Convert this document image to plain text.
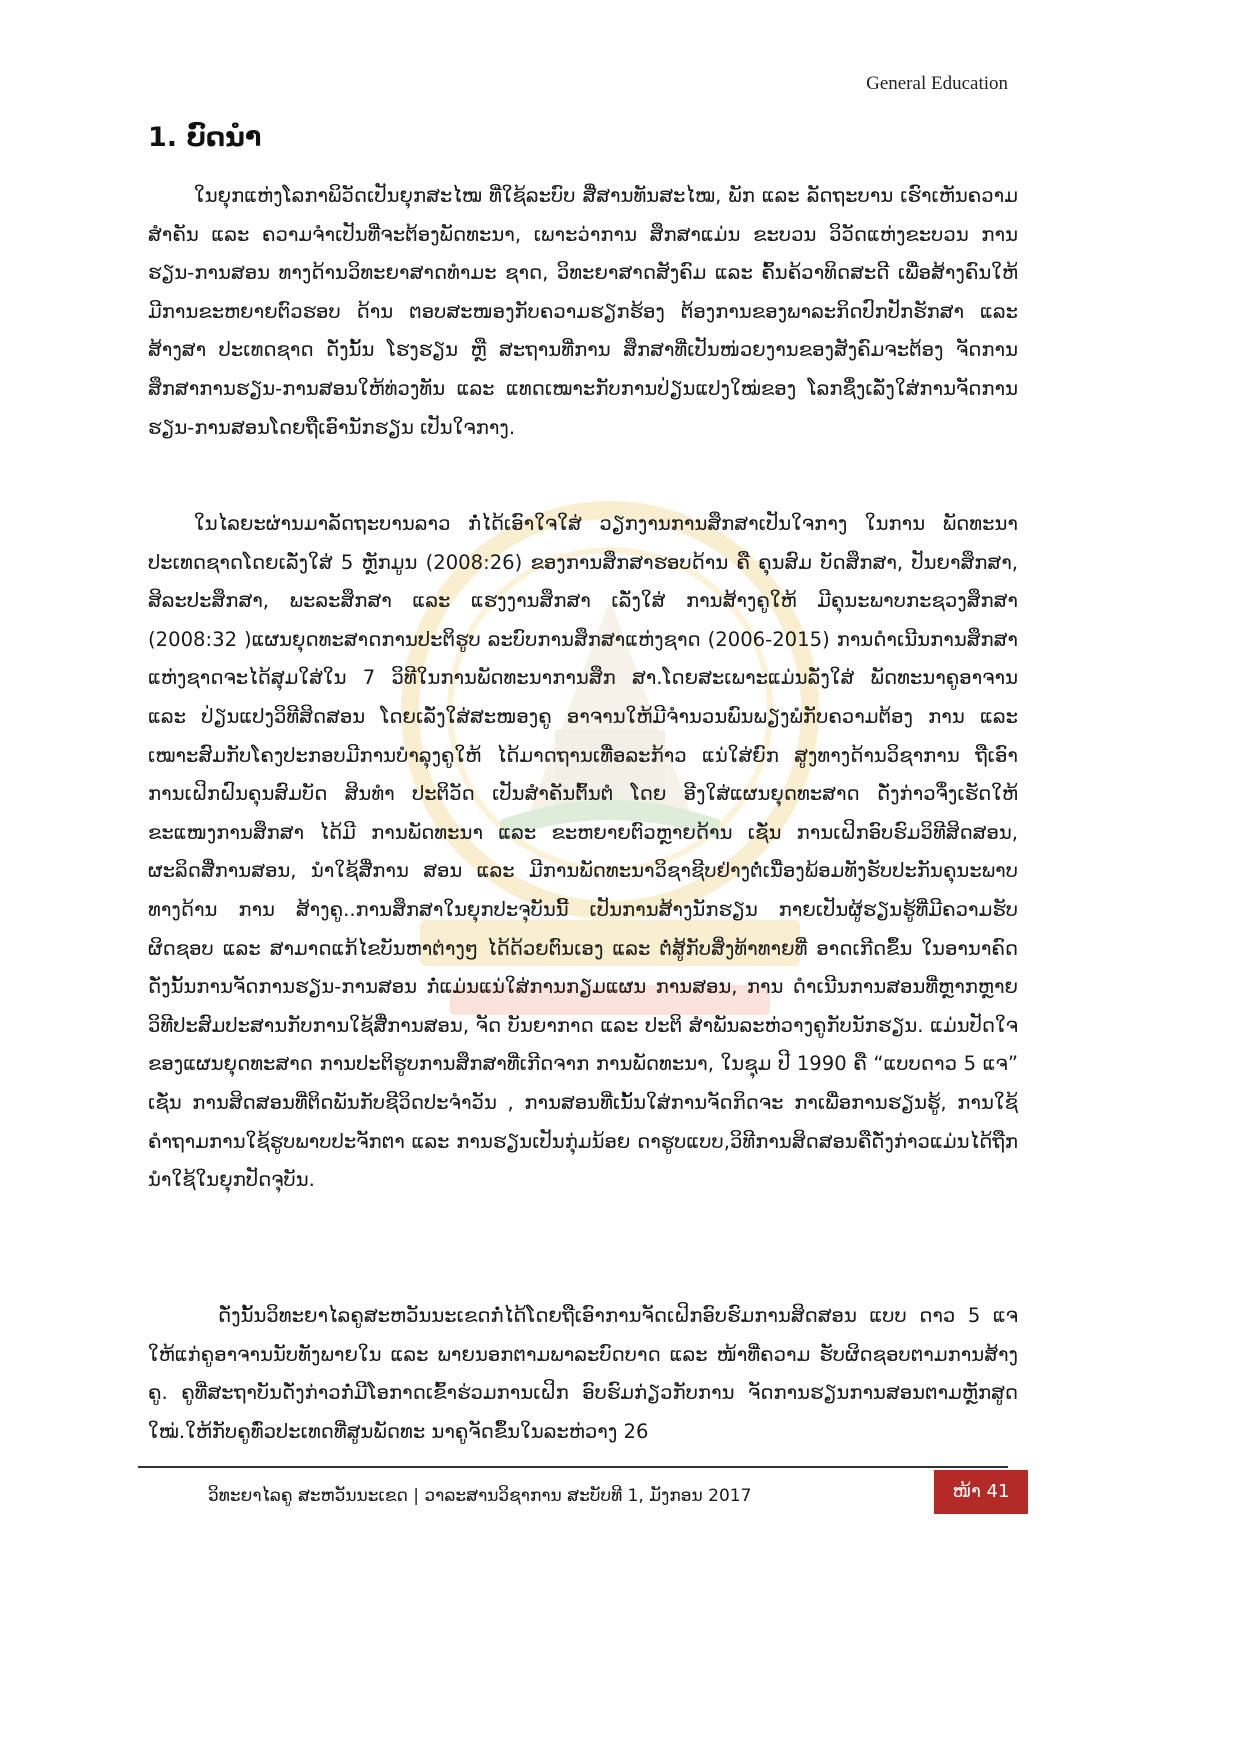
General Education
1. ບົດນຳ

ໃນຍຸກແຫ່ງໂລກາພິວັດເປັນຍຸກສະໄໝ ທີ່ໃຊ້ລະບົບ ສື່ສານທັນສະໄໝ, ພັກ ແລະ ລັດຖະບານ ເຮົາເຫັນຄວາມສຳຄັນ ແລະ ຄວາມຈຳເປັນທີ່ຈະຕ້ອງພັດທະນາ, ເພາະວ່າການ ສຶກສາແມ່ນ ຂະບວນ ວິວັດແຫ່ງຂະບວນ ການຮຽນ-ການສອນ ທາງດ້ານວິທະຍາສາດທຳມະ ຊາດ, ວິທະຍາສາດສັງຄົມ ແລະ ຄົ້ນຄ້ວາທິດສະດີ ເພື່ອສ້າງຄົນໃຫ້ມີການຂະຫຍາຍຕົວຮອບ ດ້ານ ຕອບສະໜອງກັບຄວາມຮຽກຮ້ອງ ຕ້ອງການຂອງພາລະກິດປົກປັກຮັກສາ ແລະ ສ້າງສາ ປະເທດຊາດ ດັ່ງນັ້ນ ໂຮງຮຽນ ຫຼື ສະຖານທີ່ການ ສຶກສາທີ່ເປັນໜ່ວຍງານຂອງສັງຄົມຈະຕ້ອງ ຈັດການສຶກສາການຮຽນ-ການສອນໃຫ້ທ່ວງທັນ ແລະ ແທດເໝາະກັບການປ່ຽນແປງໃໝ່ຂອງ ໂລກຊຶ່ງເລັ່ງໃສ່ການຈັດການຮຽນ-ການສອນໂດຍຖືເອົານັກຮຽນ ເປັນໃຈກາງ.

ໃນໄລຍະຜ່ານມາລັດຖະບານລາວ ກໍ່ໄດ້ເອົາໃຈໃສ່ ວຽກງານການສຶກສາເປັນໃຈກາງ ໃນການ ພັດທະນາປະເທດຊາດໂດຍເລັ່ງໃສ່ 5 ຫຼັກມູນ (2008:26) ຂອງການສຶກສາຮອບດ້ານ ຄື ຄຸນສົມ ບັດສຶກສາ, ປັນຍາສຶກສາ, ສິລະປະສຶກສາ, ພະລະສຶກສາ ແລະ ແຮງງານສຶກສາ ເລັ່ງໃສ່ ການສ້າງຄູໃຫ້ ມີຄຸນະພາບກະຊວງສຶກສາ (2008:32 )ແຜນຍຸດທະສາດການປະຕິຮູບ ລະບົບການສຶກສາແຫ່ງຊາດ (2006-2015) ການດຳເນີນການສຶກສາແຫ່ງຊາດຈະໄດ້ສຸມໃສ່ໃນ 7 ວິທີໃນການພັດທະນາການສຶກ ສາ.ໂດຍສະເພາະແມ່ນລັ່ງໃສ່ ພັດທະນາຄູອາຈານ ແລະ ປ່ຽນແປງວິທີສິດສອນ ໂດຍເລັ່ງໃສ່ສະໜອງຄູ ອາຈານໃຫ້ມີຈຳນວນພົນພຽງພໍກັບຄວາມຕ້ອງ ການ ແລະ ເໝາະສົມກັບໂຄງປະກອບມີການບຳລຸງຄູໃຫ້ ໄດ້ມາດຖານເທື່ອລະກ້າວ ແນ່ໃສ່ຍົກ ສູງທາງດ້ານວິຊາການ ຖືເອົາການເຝິກຝົນຄຸນສົມບັດ ສິນທຳ ປະຕິວັດ ເປັນສຳຄັນຕົ້ນຕໍ ໂດຍ ອີງໃສ່ແຜນຍຸດທະສາດ ດັ່ງກ່າວຈຶ່ງເຮັດໃຫ້ຂະແໜງການສຶກສາ ໄດ້ມີ ການພັດທະນາ ແລະ ຂະຫຍາຍຕົວຫຼາຍດ້ານ ເຊັ່ນ ການເຝິກອົບຮົມວິທີສິດສອນ, ຜະລິດສື່ການສອນ, ນຳໃຊ້ສື່ການ ສອນ ແລະ ມີການພັດທະນາວິຊາຊີບຢ່າງຕໍ່ເນື່ອງພ້ອມທັງຮັບປະກັນຄຸນະພາບທາງດ້ານ ການ ສ້າງຄູ..ການສຶກສາໃນຍຸກປະຈຸບັນນີ້ ເປັນການສ້າງນັກຮຽນ ກາຍເປັນຜູ້ຮຽນຮູ້ທີ່ມີຄວາມຮັບ ຜິດຊອບ ແລະ ສາມາດແກ້ໄຂບັນຫາຕ່າງໆ ໄດ້ດ້ວຍຕົນເອງ ແລະ ຕໍ່ສູ້ກັບສິ່ງທ້າທາຍທີ່ ອາດເກີດຂຶ້ນ ໃນອານາຄົດ ດັ່ງນັ້ນການຈັດການຮຽນ-ການສອນ ກໍ່ແມ່ນແນ່ໃສ່ການກຽມແຜນ ການສອນ, ການ ດຳເນີນການສອນທີ່ຫຼາກຫຼາຍວິທີປະສົມປະສານກັບການໃຊ້ສື່ການສອນ, ຈັດ ບັນຍາກາດ ແລະ ປະຕິ ສຳພັນລະຫ່ວາງຄູກັບນັກຮຽນ. ແມ່ນປັດໃຈຂອງແຜນຍຸດທະສາດ ການປະຕິຮູບການສຶກສາທີ່ເກີດຈາກ ການພັດທະນາ, ໃນຊຸມ ປີ 1990 ຄື “ແບບດາວ 5 ແຈ” ເຊັ່ນ ການສິດສອນທີ່ຕິດພັນກັບຊີວິດປະຈຳວັນ , ການສອນທີ່ເນັ້ນໃສ່ການຈັດກິດຈະ ກາເພື່ອການຮຽນຮູ້, ການໃຊ້ຄຳຖາມການໃຊ້ຮູບພາບປະຈັກຕາ ແລະ ການຮຽນເປັນກຸ່ມນ້ອຍ ດາຮູບແບບ,ວິທີການສິດສອນຄືດັ່ງກ່າວແມ່ນໄດ້ຖືກນຳໃຊ້ໃນຍຸກປັດຈຸບັນ.

ດັ່ງນັ້ນວິທະຍາໄລຄູສະຫວັນນະເຂດກໍ່ໄດ້ໂດຍຖືເອົາການຈັດເຝິກອົບຮົມການສິດສອນ ແບບ ດາວ 5 ແຈໃຫ້ແກ່ຄູອາຈານນັບທັງພາຍໃນ ແລະ ພາຍນອກຕາມພາລະບົດບາດ ແລະ ໜ້າທີ່ຄວາມ ຮັບຜິດຊອບຕາມການສ້າງຄູ. ຄູທີ່ສະຖາບັນດັ່ງກ່າວກໍ່ມີໂອກາດເຂົ້າຮ່ວມການເຝິກ ອົບຮົມກ່ຽວກັບການ ຈັດການຮຽນການສອນຕາມຫຼັກສູດໃໝ່.ໃຫ້ກັບຄູທົ່ວປະເທດທີ່ສູນພັດທະ ນາຄູຈັດຂຶ້ນໃນລະຫ່ວາງ 26

ວິທະຍາໄລຄູ ສະຫວັນນະເຂດ | ວາລະສານວິຊາການ ສະບັບທີ 1, ມັງກອນ 2017	ໜ້າ 41
